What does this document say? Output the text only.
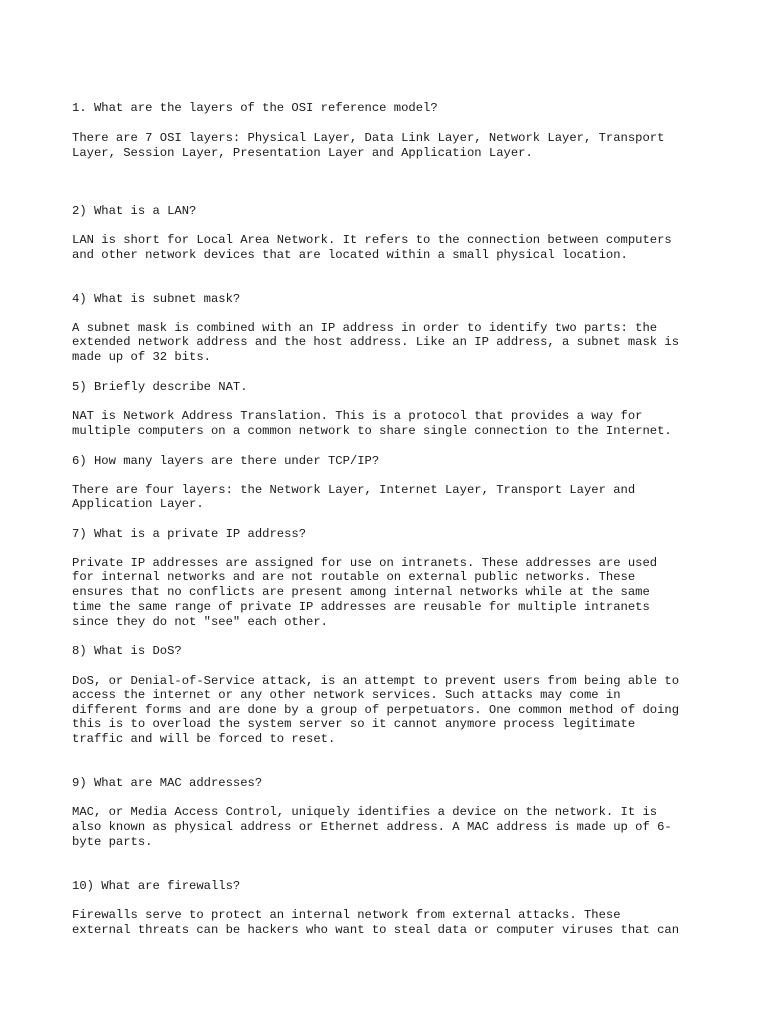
1. What are the layers of the OSI reference model?
There are 7 OSI layers: Physical Layer, Data Link Layer, Network Layer, Transport
Layer, Session Layer, Presentation Layer and Application Layer.
2) What is a LAN?
LAN is short for Local Area Network. It refers to the connection between computers
and other network devices that are located within a small physical location.
4) What is subnet mask?
A subnet mask is combined with an IP address in order to identify two parts: the
extended network address and the host address. Like an IP address, a subnet mask is
made up of 32 bits.
5) Briefly describe NAT.
NAT is Network Address Translation. This is a protocol that provides a way for
multiple computers on a common network to share single connection to the Internet.
6) How many layers are there under TCP/IP?
There are four layers: the Network Layer, Internet Layer, Transport Layer and
Application Layer.
7) What is a private IP address?
Private IP addresses are assigned for use on intranets. These addresses are used
for internal networks and are not routable on external public networks. These
ensures that no conflicts are present among internal networks while at the same
time the same range of private IP addresses are reusable for multiple intranets
since they do not "see" each other.
8) What is DoS?
DoS, or Denial-of-Service attack, is an attempt to prevent users from being able to
access the internet or any other network services. Such attacks may come in
different forms and are done by a group of perpetuators. One common method of doing
this is to overload the system server so it cannot anymore process legitimate
traffic and will be forced to reset.
9) What are MAC addresses?
MAC, or Media Access Control, uniquely identifies a device on the network. It is
also known as physical address or Ethernet address. A MAC address is made up of 6-
byte parts.
10) What are firewalls?
Firewalls serve to protect an internal network from external attacks. These
external threats can be hackers who want to steal data or computer viruses that can
